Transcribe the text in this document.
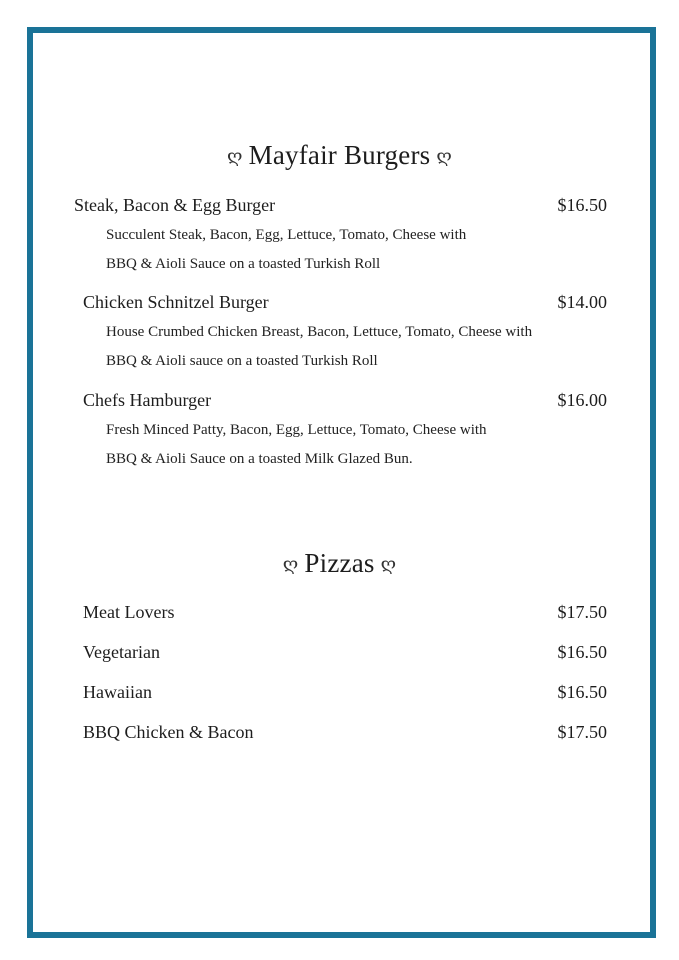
ღ Mayfair Burgers ღ
Steak, Bacon & Egg Burger	$16.50
Succulent Steak, Bacon, Egg, Lettuce, Tomato, Cheese with
BBQ & Aioli Sauce on a toasted Turkish Roll
Chicken Schnitzel Burger	$14.00
House Crumbed Chicken Breast, Bacon, Lettuce, Tomato, Cheese with
BBQ & Aioli sauce on a toasted Turkish Roll
Chefs Hamburger	$16.00
Fresh Minced Patty, Bacon, Egg, Lettuce, Tomato, Cheese with
BBQ & Aioli Sauce on a toasted Milk Glazed Bun.
ღ Pizzas ღ
Meat Lovers	$17.50
Vegetarian	$16.50
Hawaiian	$16.50
BBQ Chicken & Bacon	$17.50
